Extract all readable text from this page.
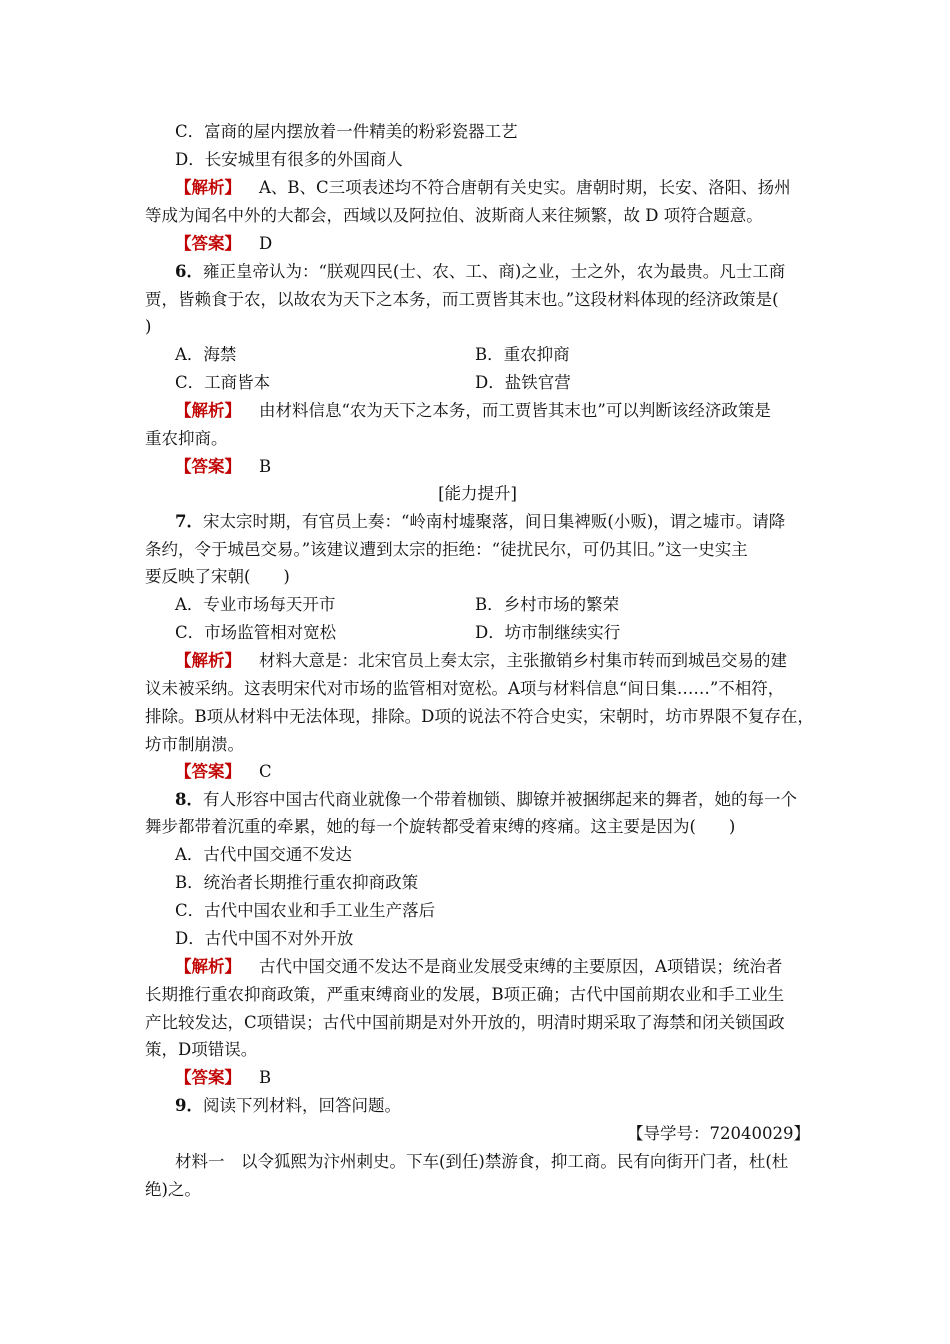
C．富商的屋内摆放着一件精美的粉彩瓷器工艺
D．长安城里有很多的外国商人
【解析】 A、B、C三项表述均不符合唐朝有关史实。唐朝时期，长安、洛阳、扬州
等成为闻名中外的大都会，西域以及阿拉伯、波斯商人来往频繁，故 D 项符合题意。
【答案】 D
6．雍正皇帝认为：“朕观四民(士、农、工、商)之业，士之外，农为最贵。凡士工商
贾，皆赖食于农，以故农为天下之本务，而工贾皆其末也。”这段材料体现的经济政策是(
)
A．海禁	B．重农抑商
C．工商皆本	D．盐铁官营
【解析】 由材料信息“农为天下之本务，而工贾皆其末也”可以判断该经济政策是
重农抑商。
【答案】 B
[能力提升]
7．宋太宗时期，有官员上奏：“岭南村墟聚落，间日集裨贩(小贩)，谓之墟市。请降
条约，令于城邑交易。”该建议遭到太宗的拒绝：“徒扰民尔，可仍其旧。”这一史实主
要反映了宋朝(　　)
A．专业市场每天开市	B．乡村市场的繁荣
C．市场监管相对宽松	D．坊市制继续实行
【解析】 材料大意是：北宋官员上奏太宗，主张撤销乡村集市转而到城邑交易的建
议未被采纳。这表明宋代对市场的监管相对宽松。A项与材料信息“间日集……”不相符，
排除。B项从材料中无法体现，排除。D项的说法不符合史实，宋朝时，坊市界限不复存在，
坊市制崩溃。
【答案】 C
8．有人形容中国古代商业就像一个带着枷锁、脚镣并被捆绑起来的舞者，她的每一个
舞步都带着沉重的牵累，她的每一个旋转都受着束缚的疼痛。这主要是因为(　　)
A．古代中国交通不发达
B．统治者长期推行重农抑商政策
C．古代中国农业和手工业生产落后
D．古代中国不对外开放
【解析】 古代中国交通不发达不是商业发展受束缚的主要原因，A项错误；统治者
长期推行重农抑商政策，严重束缚商业的发展，B项正确；古代中国前期农业和手工业生
产比较发达，C项错误；古代中国前期是对外开放的，明清时期采取了海禁和闭关锁国政
策，D项错误。
【答案】 B
9．阅读下列材料，回答问题。
【导学号：72040029】
材料一　以令狐熙为汴州刺史。下车(到任)禁游食，抑工商。民有向街开门者，杜(杜
绝)之。
